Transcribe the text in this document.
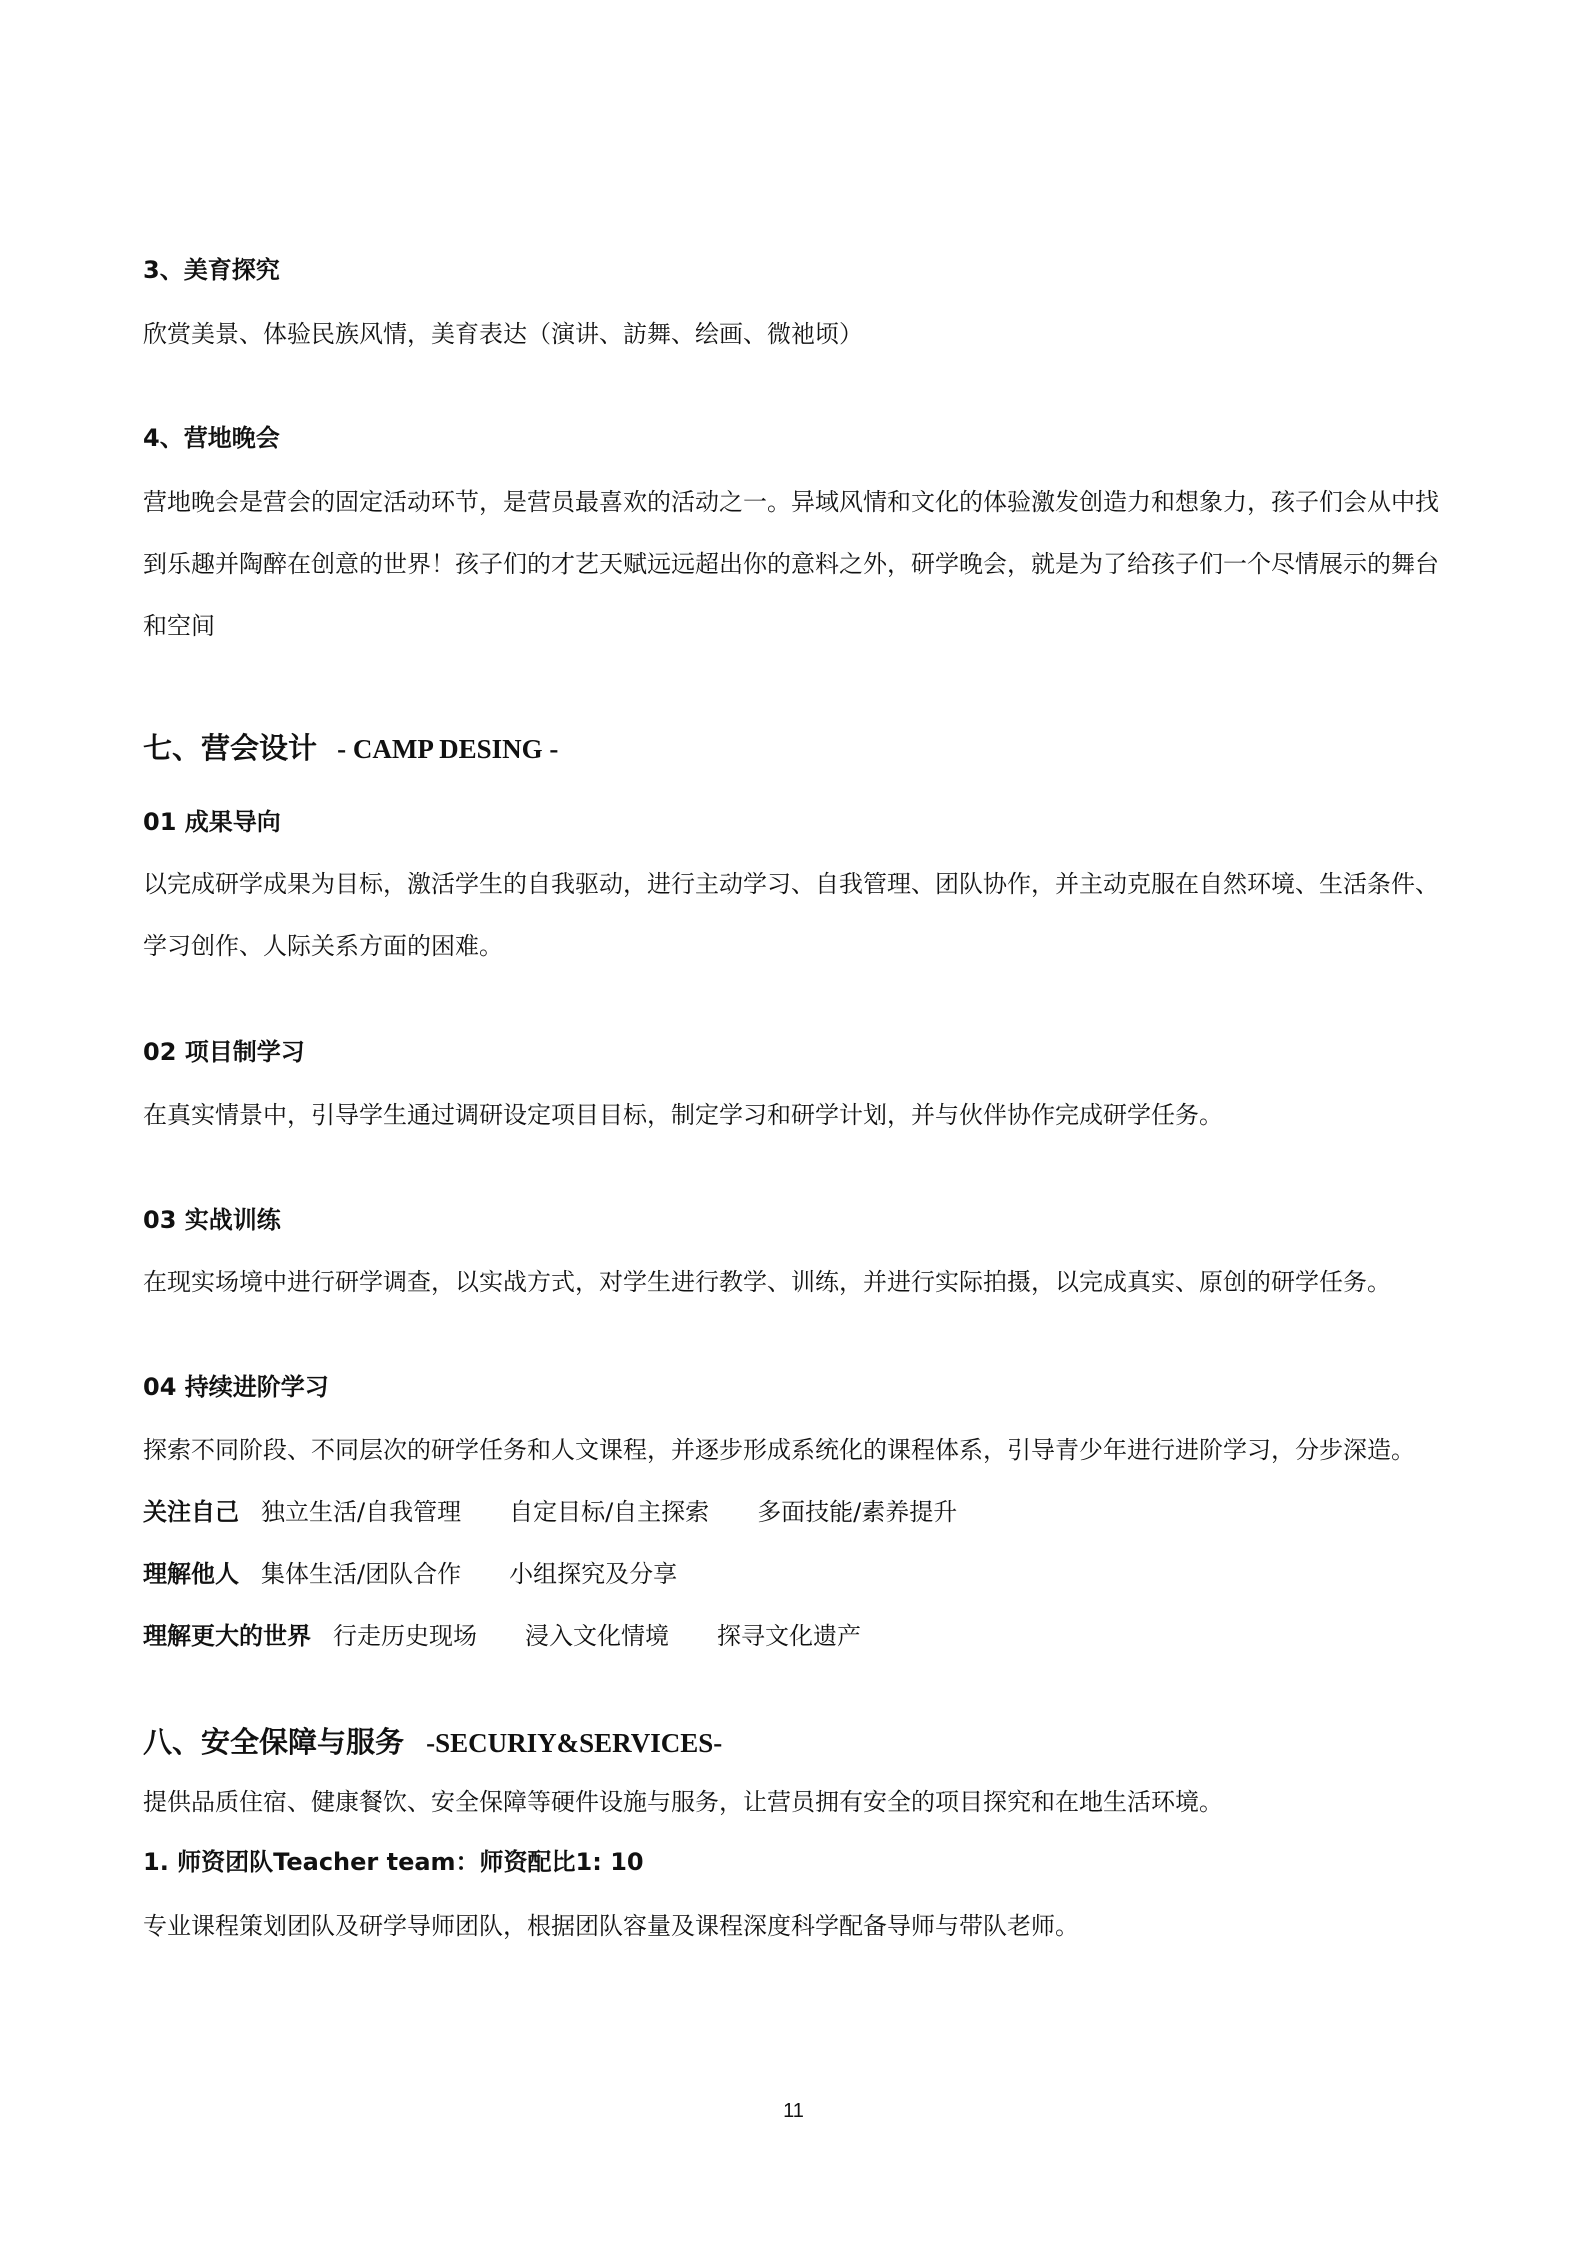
3、美育探究
欣赏美景、体验民族风情，美育表达（演讲、訪舞、绘画、微祂顷）
4、营地晚会
营地晚会是营会的固定活动环节，是营员最喜欢的活动之一。异域风情和文化的体验激发创造力和想象力，孩子们会从中找
到乐趣并陶醉在创意的世界！孩子们的才艺天赋远远超出你的意料之外，研学晚会，就是为了给孩子们一个尽情展示的舞台
和空间
七、营会设计 - CAMP DESING -
01 成果导向
以完成研学成果为目标，激活学生的自我驱动，进行主动学习、自我管理、团队协作，并主动克服在自然环境、生活条件、
学习创作、人际关系方面的困难。
02 项目制学习
在真实情景中，引导学生通过调研设定项目目标，制定学习和研学计划，并与伙伴协作完成研学任务。
03 实战训练
在现实场境中进行研学调查，以实战方式，对学生进行教学、训练，并进行实际拍摄，以完成真实、原创的研学任务。
04 持续进阶学习
探索不同阶段、不同层次的研学任务和人文课程，并逐步形成系统化的课程体系，引导青少年进行进阶学习，分步深造。
关注自己 独立生活/自我管理 自定目标/自主探索 多面技能/素养提升
理解他人 集体生活/团队合作 小组探究及分享
理解更大的世界 行走历史现场 浸入文化情境 探寻文化遗产
八、安全保障与服务 -SECURIY&SERVICES-
提供品质住宿、健康餐饮、安全保障等硬件设施与服务，让营员拥有安全的项目探究和在地生活环境。
1. 师资团队Teacher team：师资配比1: 10
专业课程策划团队及研学导师团队，根据团队容量及课程深度科学配备导师与带队老师。
11
